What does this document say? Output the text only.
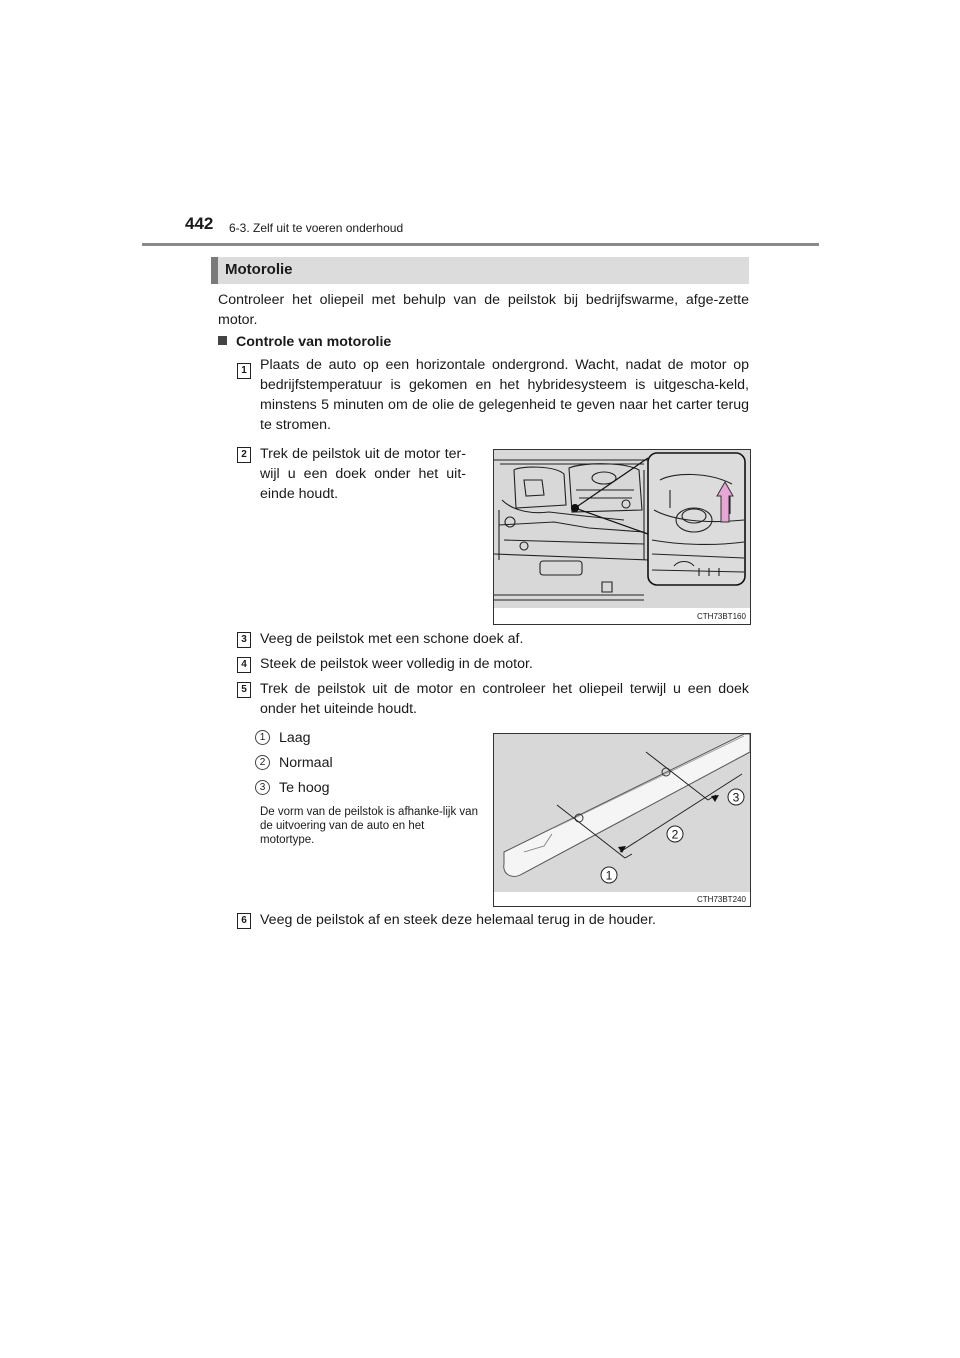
442 6-3. Zelf uit te voeren onderhoud
Motorolie
Controleer het oliepeil met behulp van de peilstok bij bedrijfswarme, afge-zette motor.
Controle van motorolie
1 Plaats de auto op een horizontale ondergrond. Wacht, nadat de motor op bedrijfstemperatuur is gekomen en het hybridesysteem is uitgescha-keld, minstens 5 minuten om de olie de gelegenheid te geven naar het carter terug te stromen.
2 Trek de peilstok uit de motor ter-wijl u een doek onder het uit-einde houdt.
CTH73BT160
3 Veeg de peilstok met een schone doek af.
4 Steek de peilstok weer volledig in de motor.
5 Trek de peilstok uit de motor en controleer het oliepeil terwijl u een doek onder het uiteinde houdt.
1 Laag
2 Normaal
3 Te hoog
De vorm van de peilstok is afhanke-lijk van de uitvoering van de auto en het motortype.
3
2
1
CTH73BT240
6 Veeg de peilstok af en steek deze helemaal terug in de houder.
